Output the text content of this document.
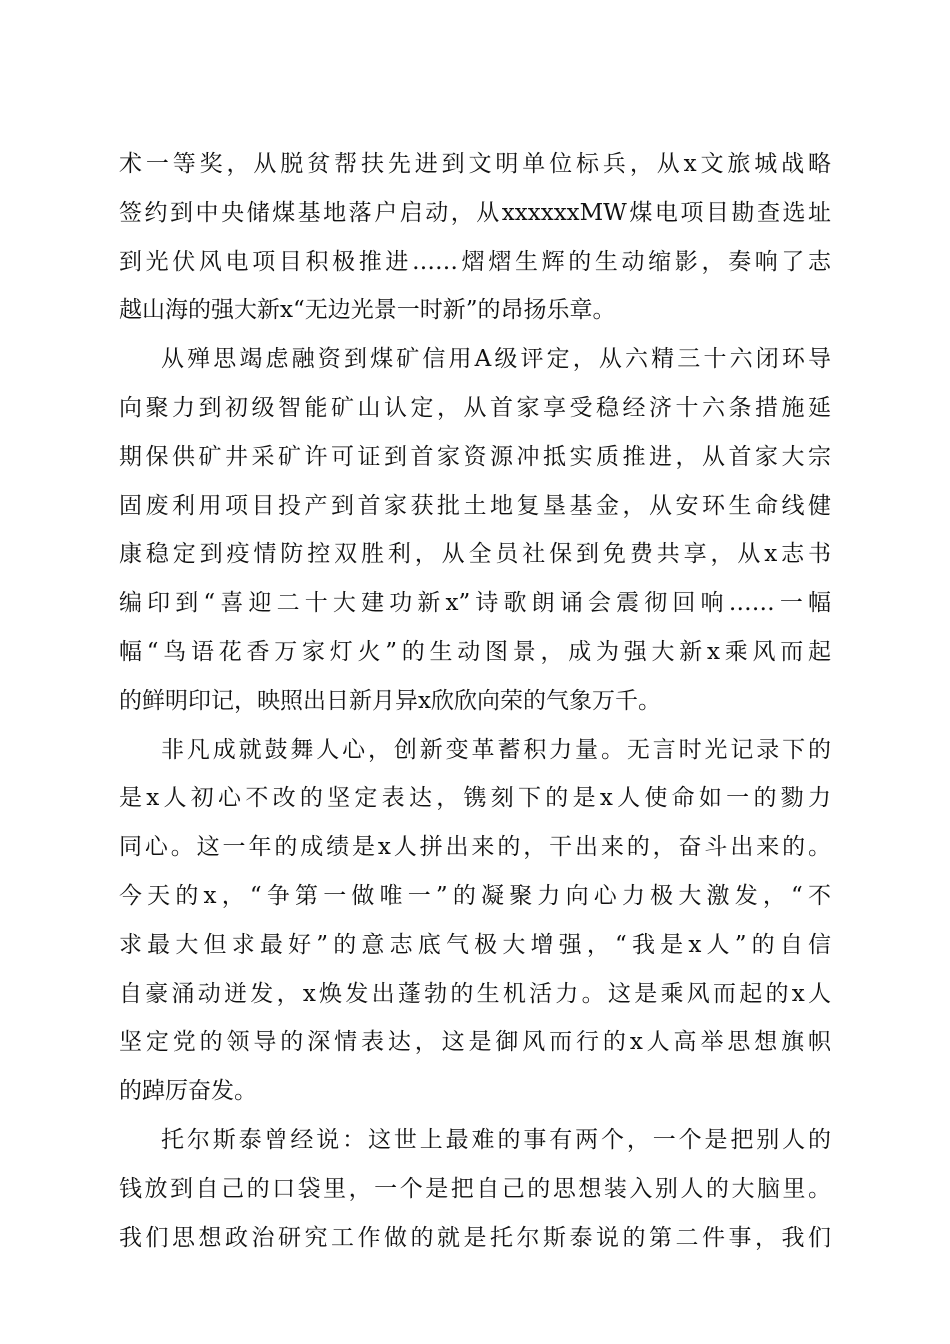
术一等奖，从脱贫帮扶先进到文明单位标兵，从x文旅城战略
签约到中央储煤基地落户启动，从xxxxxxMW煤电项目勘查选址
到光伏风电项目积极推进……熠熠生辉的生动缩影，奏响了志
越山海的强大新x“无边光景一时新”的昂扬乐章。
从殚思竭虑融资到煤矿信用A级评定，从六精三十六闭环导
向聚力到初级智能矿山认定，从首家享受稳经济十六条措施延
期保供矿井采矿许可证到首家资源冲抵实质推进，从首家大宗
固废利用项目投产到首家获批土地复垦基金，从安环生命线健
康稳定到疫情防控双胜利，从全员社保到免费共享，从x志书
编印到“喜迎二十大建功新x”诗歌朗诵会震彻回响……一幅
幅“鸟语花香万家灯火”的生动图景，成为强大新x乘风而起
的鲜明印记，映照出日新月异x欣欣向荣的气象万千。
非凡成就鼓舞人心，创新变革蓄积力量。无言时光记录下的
是x人初心不改的坚定表达，镌刻下的是x人使命如一的勠力
同心。这一年的成绩是x人拼出来的，干出来的，奋斗出来的。
今天的x，“争第一做唯一”的凝聚力向心力极大激发，“不
求最大但求最好”的意志底气极大增强，“我是x人”的自信
自豪涌动迸发，x焕发出蓬勃的生机活力。这是乘风而起的x人
坚定党的领导的深情表达，这是御风而行的x人高举思想旗帜
的踔厉奋发。
托尔斯泰曾经说：这世上最难的事有两个，一个是把别人的
钱放到自己的口袋里，一个是把自己的思想装入别人的大脑里。
我们思想政治研究工作做的就是托尔斯泰说的第二件事，我们
